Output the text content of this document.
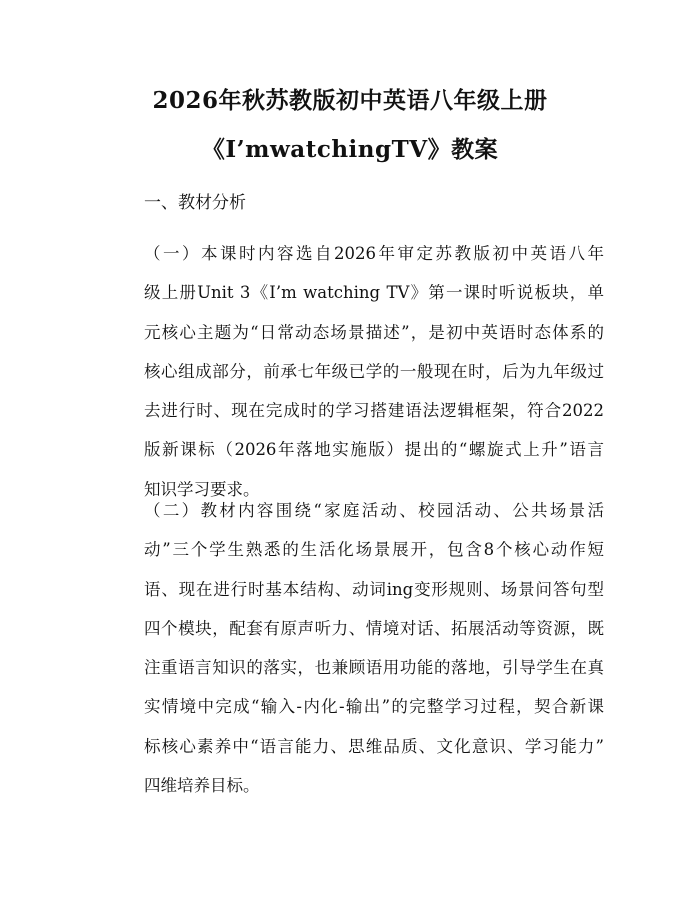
2026年秋苏教版初中英语八年级上册
《I’mwatchingTV》教案
一、教材分析
（一）本课时内容选自2026年审定苏教版初中英语八年
级上册Unit 3《I’m watching TV》第一课时听说板块，单
元核心主题为“日常动态场景描述”，是初中英语时态体系的
核心组成部分，前承七年级已学的一般现在时，后为九年级过
去进行时、现在完成时的学习搭建语法逻辑框架，符合2022
版新课标（2026年落地实施版）提出的“螺旋式上升”语言
知识学习要求。
（二）教材内容围绕“家庭活动、校园活动、公共场景活
动”三个学生熟悉的生活化场景展开，包含8个核心动作短
语、现在进行时基本结构、动词ing变形规则、场景问答句型
四个模块，配套有原声听力、情境对话、拓展活动等资源，既
注重语言知识的落实，也兼顾语用功能的落地，引导学生在真
实情境中完成“输入-内化-输出”的完整学习过程，契合新课
标核心素养中“语言能力、思维品质、文化意识、学习能力”
四维培养目标。
